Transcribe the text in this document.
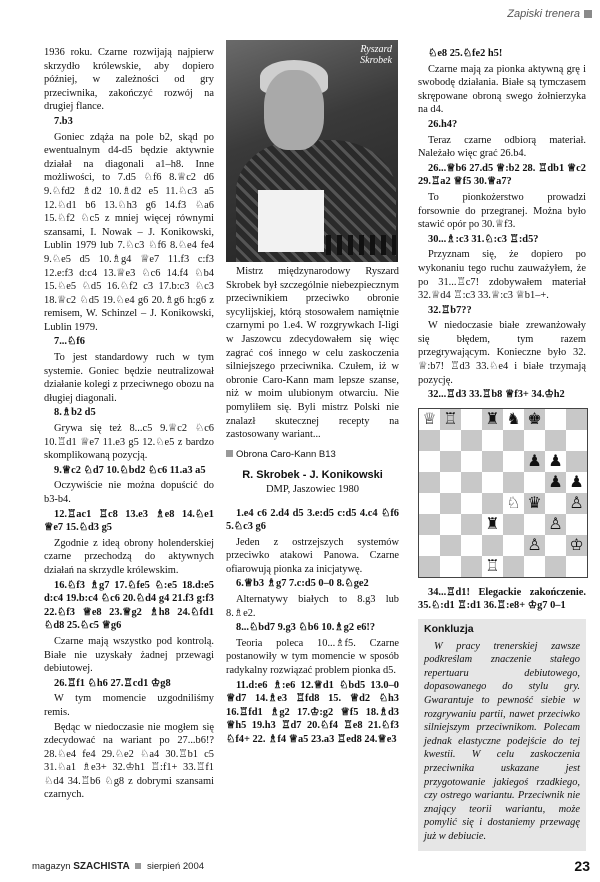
Zapiski trenera
Ryszard
Skrobek

1936 roku. Czarne rozwijają najpierw skrzydło królewskie, aby dopiero później, w zależności od gry przeciwnika, zakończyć rozwój na drugiej flance.

7.b3

Goniec zdąża na pole b2, skąd po ewentualnym d4-d5 będzie aktywnie działał na diagonali a1–h8. Inne możliwości, to 7.d5 ♘f6 8.♕c2 d6 9.♘fd2 ♗d2 10.♗d2 e5 11.♘c3 a5 12.♘d1 b6 13.♘h3 g6 14.f3 ♘a6 15.♘f2 ♘c5 z mniej więcej równymi szansami, I. Nowak – J. Konikowski, Lublin 1979 lub 7.♘c3 ♘f6 8.♘e4 fe4 9.♘e5 d5 10.♗g4 ♕e7 11.f3 c:f3 12.e:f3 d:c4 13.♕e3 ♘c6 14.f4 ♘b4 15.♘e5 ♘d5 16.♘f2 c3 17.b:c3 ♘c3 18.♕c2 ♘d5 19.♘e4 g6 20.♗g6 h:g6 z remisem, W. Schinzel – J. Konikowski, Lublin 1979.

7...♘f6

To jest standardowy ruch w tym systemie. Goniec będzie neutralizował działanie kolegi z przeciwnego obozu na długiej diagonali.

8.♗b2 d5

Grywa się też 8...c5 9.♕c2 ♘c6 10.♖d1 ♕e7 11.e3 g5 12.♘e5 z bardzo skomplikowaną pozycją.

9.♕c2 ♘d7 10.♘bd2 ♘c6 11.a3 a5

Oczywiście nie można dopuścić do b3-b4.

12.♖ac1 ♖c8 13.e3 ♗e8 14.♘e1 ♕e7 15.♘d3 g5

Zgodnie z ideą obrony holenderskiej czarne przechodzą do aktywnych działań na skrzydle królewskim.

16.♘f3 ♗g7 17.♘fe5 ♘:e5 18.d:e5 d:c4 19.b:c4 ♘c6 20.♘d4 g4 21.f3 g:f3 22.♘f3 ♕e8 23.♕g2 ♗h8 24.♘fd1 ♘d8 25.♘c5 ♕g6

Czarne mają wszystko pod kontrolą. Białe nie uzyskały żadnej przewagi debiutowej.

26.♖f1 ♘h6 27.♖cd1 ♔g8

W tym momencie uzgodniliśmy remis.

Będąc w niedoczasie nie mogłem się zdecydować na wariant po 27...b6!? 28.♘e4 fe4 29.♘e2 ♘a4 30.♖b1 c5 31.♘a1 ♗e3+ 32.♔h1 ♖:f1+ 33.♖f1 ♘d4 34.♖b6 ♘g8 z dobrymi szansami czarnych.

Mistrz międzynarodowy Ryszard Skrobek był szczególnie niebezpiecznym przeciwnikiem przeciwko obronie sycylijskiej, którą stosowałem namiętnie czarnymi po 1.e4. W rozgrywkach I-ligi w Jaszowcu zdecydowałem się więc zagrać coś innego w celu zaskoczenia silniejszego przeciwnika. Czułem, iż w obronie Caro-Kann mam lepsze szanse, niż w moim ulubionym otwarciu. Nie pomyliłem się. Byli mistrz Polski nie znalazł skutecznej recepty na zastosowany wariant...

Obrona Caro-Kann B13
R. Skrobek - J. Konikowski
DMP, Jaszowiec 1980
1.e4 c6 2.d4 d5 3.e:d5 c:d5 4.c4 ♘f6 5.♘c3 g6

Jeden z ostrzejszych systemów przeciwko atakowi Panowa. Czarne ofiarowują pionka za inicjatywę.

6.♕b3 ♗g7 7.c:d5 0–0 8.♘ge2

Alternatywy białych to 8.g3 lub 8.♗e2.

8...♘bd7 9.g3 ♘b6 10.♗g2 e6!?

Teoria poleca 10...♗f5. Czarne postanowiły w tym momencie w sposób radykalny rozwiązać problem pionka d5.

11.d:e6 ♗:e6 12.♕d1 ♘bd5 13.0–0 ♕d7 14.♗e3 ♖fd8 15. ♕d2 ♘h3 16.♖fd1 ♗g2 17.♔:g2 ♕f5 18.♗d3 ♕h5 19.h3 ♖d7 20.♘f4 ♖e8 21.♘f3 ♘f4+ 22. ♗f4 ♕a5 23.a3 ♖ed8 24.♕e3
♘e8 25.♘fe2 h5!

Czarne mają za pionka aktywną grę i swobodę działania. Białe są tymczasem skrępowane obroną swego żołnierzyka na d4.

26.h4?

Teraz czarne odbiorą materiał. Należało więc grać 26.b4.

26...♕b6 27.d5 ♕:b2 28. ♖db1 ♕c2 29.♖a2 ♕f5 30.♕a7?

To pionkożerstwo prowadzi forsownie do przegranej. Można było stawić opór po 30.♕f3.

30...♗:c3 31.♘:c3 ♖:d5?

Przyznam się, że dopiero po wykonaniu tego ruchu zauważyłem, że po 31...♖c7! zdobywałem materiał 32.♕d4 ♖:c3 33.♕:c3 ♕b1–+.

32.♖b7??

W niedoczasie białe zrewanżowały się błędem, tym razem przegrywającym. Konieczne było 32. ♕:b7! ♖d3 33.♘e4 i białe trzymają pozycję.

32...♖d3 33.♖b8 ♕f3+ 34.♔h2
♕ ♖ ♜ ♞ ♚
♟ ♟
♟ ♟
♘ ♛ ♙
♜	♙
♙ ♔
♖
34...♖d1! Elegackie zakończenie. 35.♘:d1 ♖:d1 36.♖:e8+ ♔g7 0–1
Konkluzja

W pracy trenerskiej zawsze podkreślam znaczenie stałego repertuaru debiutowego, dopasowanego do stylu gry. Gwarantuje to pewność siebie w rozgrywaniu partii, nawet przeciwko silniejszym przeciwnikom. Polecam jednak elastyczne podejście do tej kwestii. W celu zaskoczenia przeciwnika uskazane jest przygotowanie jakiegoś rzadkiego, czy ostrego wariantu. Przeciwnik nie znający teorii wariantu, może pomylić się i dostaniemy przewagę już w debiucie.

magazyn SZACHISTA sierpień 2004	23
